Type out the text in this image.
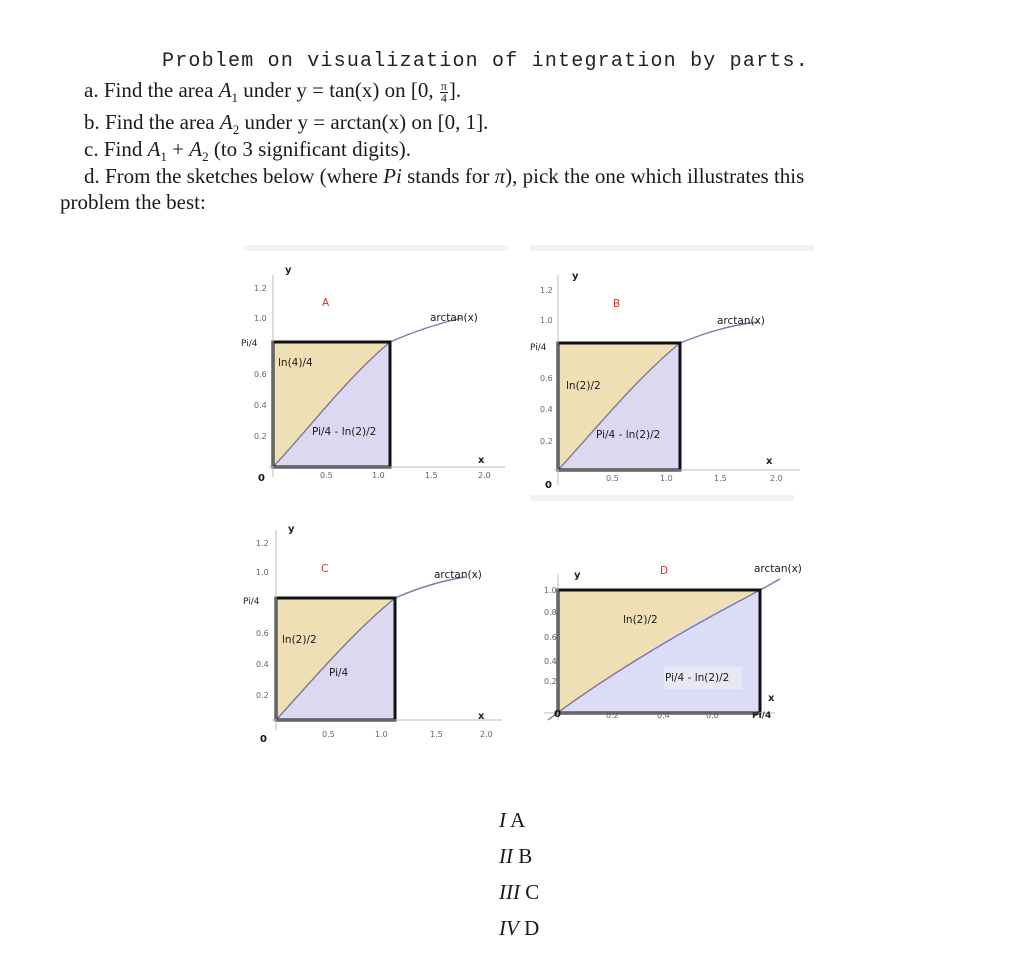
Problem on visualization of integration by parts.
a. Find the area $A_1$ under y = tan(x) on [0, $\frac{\pi}{4}$ ].
b. Find the area $A_2$ under y = arctan(x) on [0, 1].
c. Find $A_1 + A_2$ (to 3 significant digits).
d. From the sketches below (where Pi stands for π), pick the one which illustrates this
problem the best:
y
x
1.2
1.0
Pi/4
0.6
0.4
0.2
0	0.5	1.0	1.5	2.0
A
arctan(x)
ln(4)/4
Pi/4 - ln(2)/2
y
x
1.2
1.0
Pi/4
0.6
0.4
0.2
0
0.5	1.0	1.5	2.0
B
arctan(x)
ln(2)/2
Pi/4 - ln(2)/2
y
x
1.2
1.0
Pi/4
0.6
0.4
0.2
0	0.5	1.0	1.5	2.0
C	arctan(x)
ln(2)/2
Pi/4
y
x
1.0
0.8
0.6
0.4
0.2
0	0.2	0.4	0.6	Pi/4
D	arctan(x)
ln(2)/2
Pi/4 - ln(2)/2
I A
II B
III C
IV D
